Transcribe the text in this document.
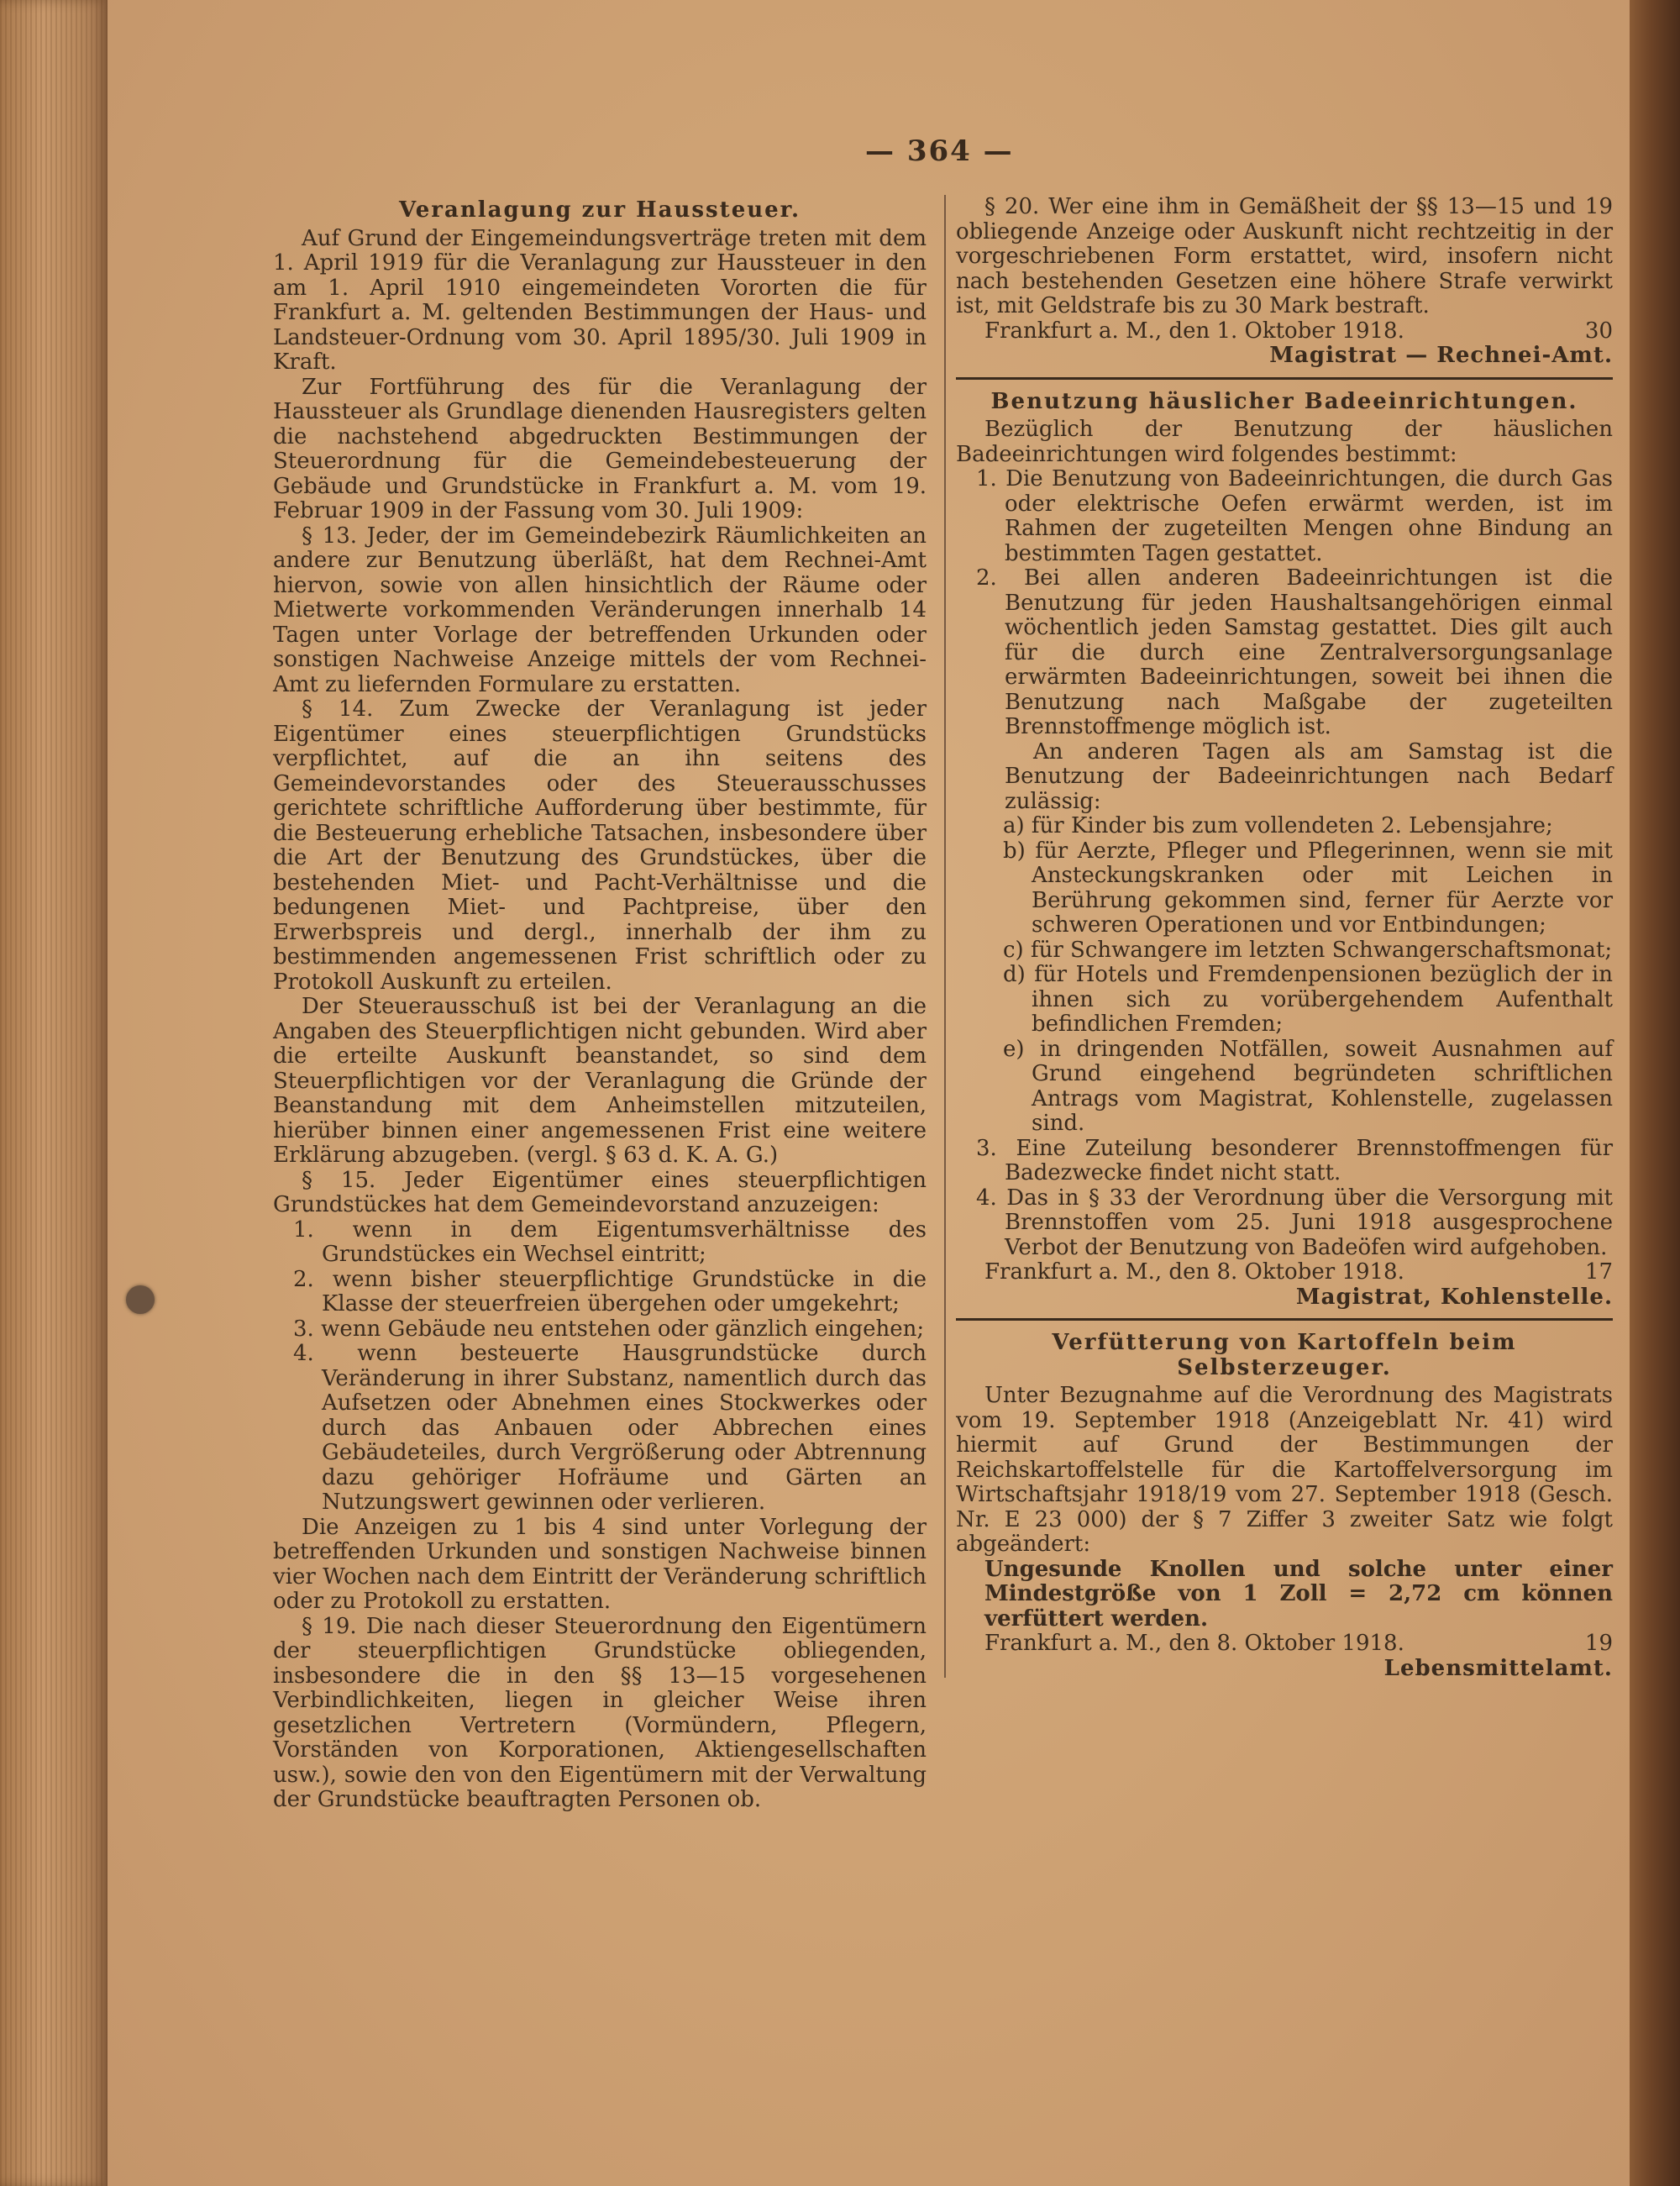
— 364 —

Veranlagung zur Haussteuer.

Auf Grund der Eingemeindungsverträge treten mit dem 1. April 1919 für die Veranlagung zur Haussteuer in den am 1. April 1910 eingemeindeten Vororten die für Frankfurt a. M. geltenden Bestimmungen der Haus- und Landsteuer-Ordnung vom 30. April 1895/30. Juli 1909 in Kraft.

Zur Fortführung des für die Veranlagung der Haussteuer als Grundlage dienenden Hausregisters gelten die nachstehend abgedruckten Bestimmungen der Steuerordnung für die Gemeindebesteuerung der Gebäude und Grundstücke in Frankfurt a. M. vom 19. Februar 1909 in der Fassung vom 30. Juli 1909:

§ 13. Jeder, der im Gemeindebezirk Räumlichkeiten an andere zur Benutzung überläßt, hat dem Rechnei-Amt hiervon, sowie von allen hinsichtlich der Räume oder Mietwerte vorkommenden Veränderungen innerhalb 14 Tagen unter Vorlage der betreffenden Urkunden oder sonstigen Nachweise Anzeige mittels der vom Rechnei-Amt zu liefernden Formulare zu erstatten.

§ 14. Zum Zwecke der Veranlagung ist jeder Eigentümer eines steuerpflichtigen Grundstücks verpflichtet, auf die an ihn seitens des Gemeindevorstandes oder des Steuerausschusses gerichtete schriftliche Aufforderung über bestimmte, für die Besteuerung erhebliche Tatsachen, insbesondere über die Art der Benutzung des Grundstückes, über die bestehenden Miet- und Pacht-Verhältnisse und die bedungenen Miet- und Pachtpreise, über den Erwerbspreis und dergl., innerhalb der ihm zu bestimmenden angemessenen Frist schriftlich oder zu Protokoll Auskunft zu erteilen.

Der Steuerausschuß ist bei der Veranlagung an die Angaben des Steuerpflichtigen nicht gebunden. Wird aber die erteilte Auskunft beanstandet, so sind dem Steuerpflichtigen vor der Veranlagung die Gründe der Beanstandung mit dem Anheimstellen mitzuteilen, hierüber binnen einer angemessenen Frist eine weitere Erklärung abzugeben. (vergl. § 63 d. K. A. G.)

§ 15. Jeder Eigentümer eines steuerpflichtigen Grundstückes hat dem Gemeindevorstand anzuzeigen:

1. wenn in dem Eigentumsverhältnisse des Grundstückes ein Wechsel eintritt;

2. wenn bisher steuerpflichtige Grundstücke in die Klasse der steuerfreien übergehen oder umgekehrt;

3. wenn Gebäude neu entstehen oder gänzlich eingehen;

4. wenn besteuerte Hausgrundstücke durch Veränderung in ihrer Substanz, namentlich durch das Aufsetzen oder Abnehmen eines Stockwerkes oder durch das Anbauen oder Abbrechen eines Gebäudeteiles, durch Vergrößerung oder Abtrennung dazu gehöriger Hofräume und Gärten an Nutzungswert gewinnen oder verlieren.

Die Anzeigen zu 1 bis 4 sind unter Vorlegung der betreffenden Urkunden und sonstigen Nachweise binnen vier Wochen nach dem Eintritt der Veränderung schriftlich oder zu Protokoll zu erstatten.

§ 19. Die nach dieser Steuerordnung den Eigentümern der steuerpflichtigen Grundstücke obliegenden, insbesondere die in den §§ 13—15 vorgesehenen Verbindlichkeiten, liegen in gleicher Weise ihren gesetzlichen Vertretern (Vormündern, Pflegern, Vorständen von Korporationen, Aktiengesellschaften usw.), sowie den von den Eigentümern mit der Verwaltung der Grundstücke beauftragten Personen ob.

§ 20. Wer eine ihm in Gemäßheit der §§ 13—15 und 19 obliegende Anzeige oder Auskunft nicht rechtzeitig in der vorgeschriebenen Form erstattet, wird, insofern nicht nach bestehenden Gesetzen eine höhere Strafe verwirkt ist, mit Geldstrafe bis zu 30 Mark bestraft.

Frankfurt a. M., den 1. Oktober 1918.	30

Magistrat — Rechnei-Amt.

Benutzung häuslicher Badeeinrichtungen.

Bezüglich der Benutzung der häuslichen Badeeinrichtungen wird folgendes bestimmt:

1. Die Benutzung von Badeeinrichtungen, die durch Gas oder elektrische Oefen erwärmt werden, ist im Rahmen der zugeteilten Mengen ohne Bindung an bestimmten Tagen gestattet.

2. Bei allen anderen Badeeinrichtungen ist die Benutzung für jeden Haushaltsangehörigen einmal wöchentlich jeden Samstag gestattet. Dies gilt auch für die durch eine Zentralversorgungsanlage erwärmten Badeeinrichtungen, soweit bei ihnen die Benutzung nach Maßgabe der zugeteilten Brennstoffmenge möglich ist.

An anderen Tagen als am Samstag ist die Benutzung der Badeeinrichtungen nach Bedarf zulässig:

a) für Kinder bis zum vollendeten 2. Lebensjahre;

b) für Aerzte, Pfleger und Pflegerinnen, wenn sie mit Ansteckungskranken oder mit Leichen in Berührung gekommen sind, ferner für Aerzte vor schweren Operationen und vor Entbindungen;

c) für Schwangere im letzten Schwangerschaftsmonat;

d) für Hotels und Fremdenpensionen bezüglich der in ihnen sich zu vorübergehendem Aufenthalt befindlichen Fremden;

e) in dringenden Notfällen, soweit Ausnahmen auf Grund eingehend begründeten schriftlichen Antrags vom Magistrat, Kohlenstelle, zugelassen sind.

3. Eine Zuteilung besonderer Brennstoffmengen für Badezwecke findet nicht statt.

4. Das in § 33 der Verordnung über die Versorgung mit Brennstoffen vom 25. Juni 1918 ausgesprochene Verbot der Benutzung von Badeöfen wird aufgehoben.

Frankfurt a. M., den 8. Oktober 1918.	17

Magistrat, Kohlenstelle.

Verfütterung von Kartoffeln beim Selbsterzeuger.

Unter Bezugnahme auf die Verordnung des Magistrats vom 19. September 1918 (Anzeigeblatt Nr. 41) wird hiermit auf Grund der Bestimmungen der Reichskartoffelstelle für die Kartoffelversorgung im Wirtschaftsjahr 1918/19 vom 27. September 1918 (Gesch. Nr. E 23 000) der § 7 Ziffer 3 zweiter Satz wie folgt abgeändert:

Ungesunde Knollen und solche unter einer Mindestgröße von 1 Zoll = 2,72 cm können verfüttert werden.

Frankfurt a. M., den 8. Oktober 1918.	19

Lebensmittelamt.
